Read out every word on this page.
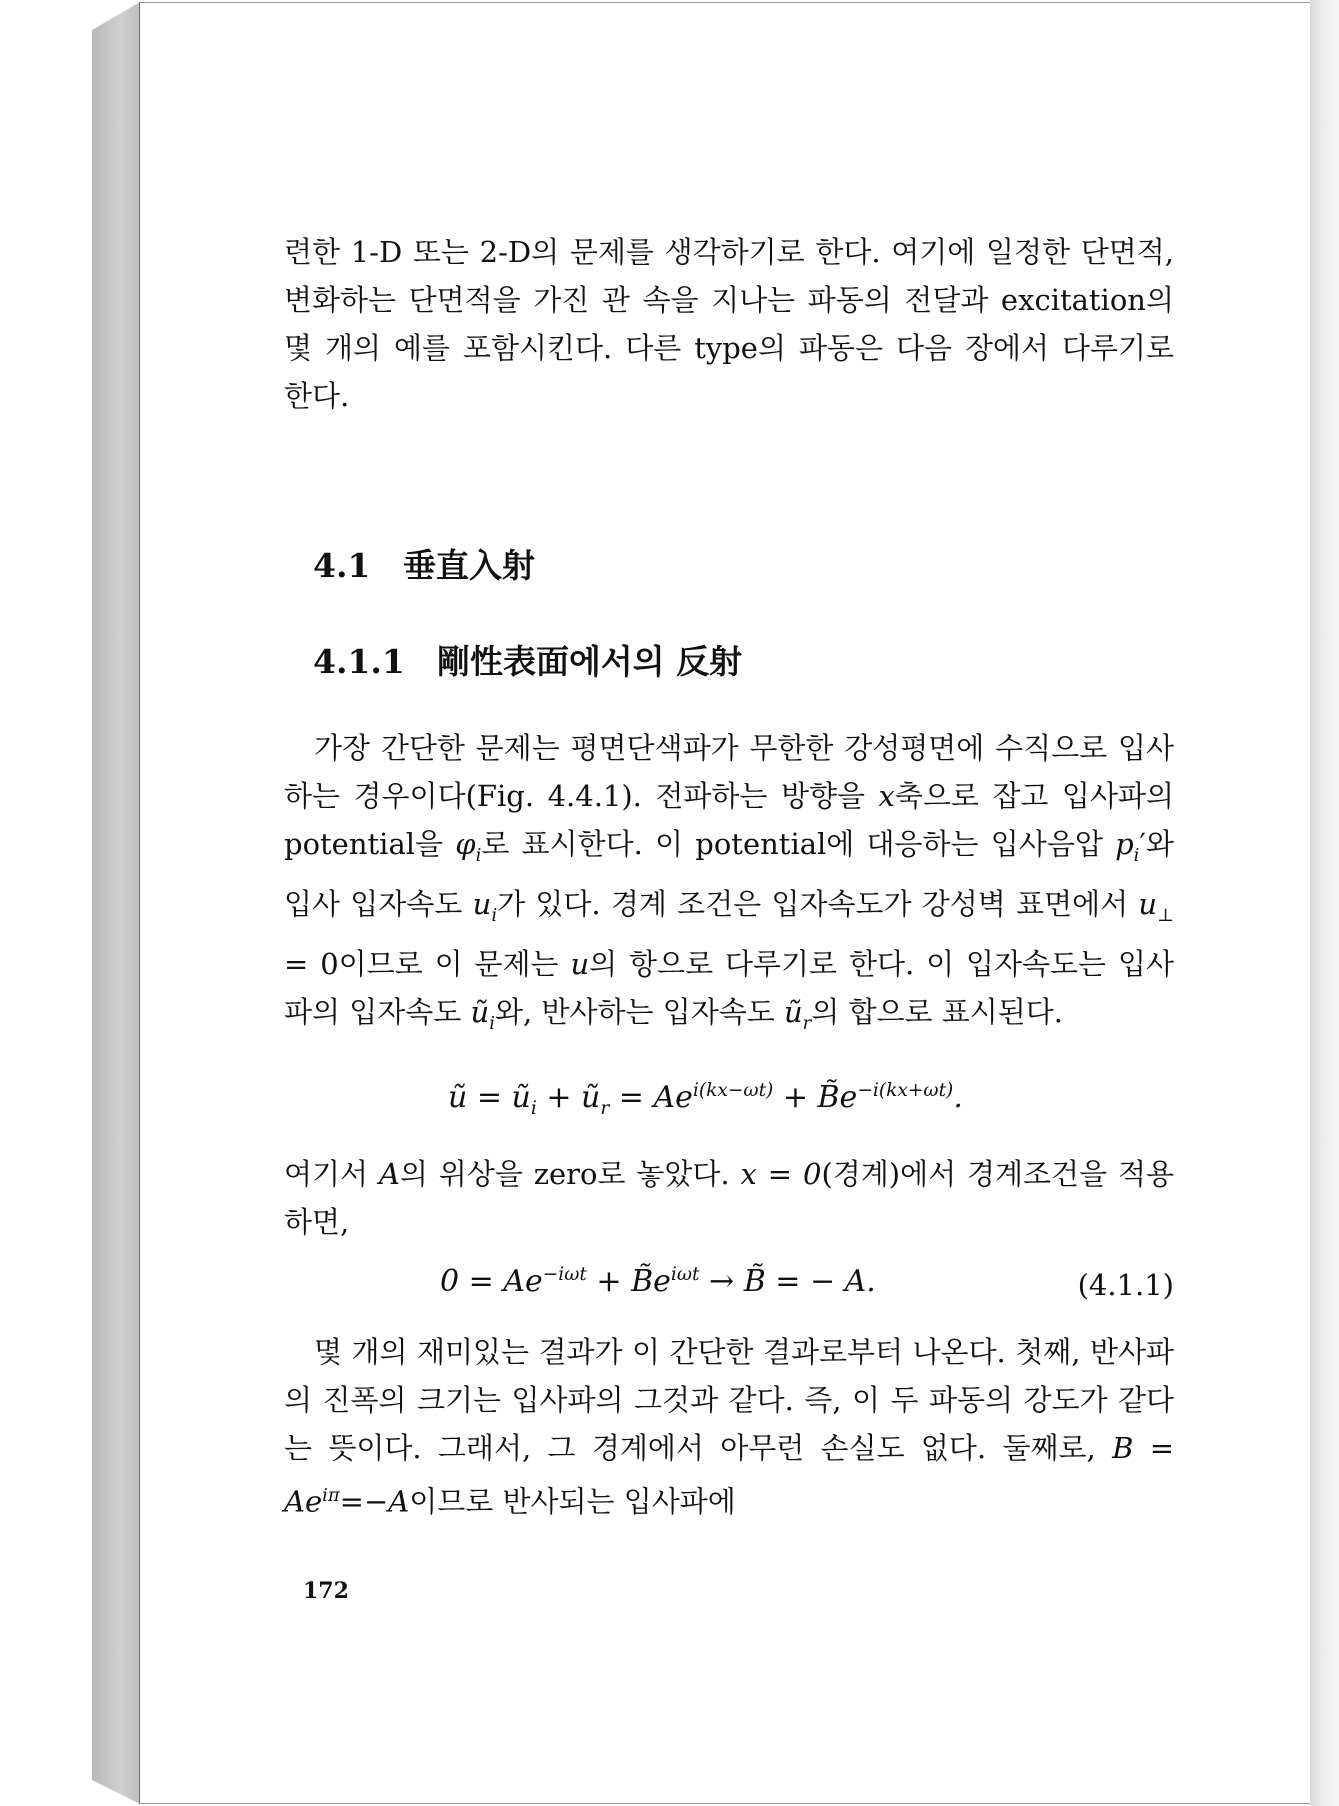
련한 1-D 또는 2-D의 문제를 생각하기로 한다. 여기에 일정한 단면적, 변화하는 단면적을 가진 관 속을 지나는 파동의 전달과 excitation의 몇 개의 예를 포함시킨다. 다른 type의 파동은 다음 장에서 다루기로 한다.

4.1 垂直入射
4.1.1 剛性表面에서의 反射

가장 간단한 문제는 평면단색파가 무한한 강성평면에 수직으로 입사하는 경우이다(Fig. 4.4.1). 전파하는 방향을 x축으로 잡고 입사파의 potential을 $\varphi_i$로 표시한다. 이 potential에 대응하는 입사음압 $p_i'$와 입사 입자속도 $u_i$가 있다. 경계 조건은 입자속도가 강성벽 표면에서 $u_\perp = 0$이므로 이 문제는 u의 항으로 다루기로 한다. 이 입자속도는 입사파의 입자속도 $ũ_i$와, 반사하는 입자속도 $ũ_r$의 합으로 표시된다.

ũ = $ũ_i$ + $ũ_r = Ae^{i(kx-\omega t)}$ + $B̃e^{-i(kx+\omega t)}$.

여기서 A의 위상을 zero로 놓았다. x = 0(경계)에서 경계조건을 적용하면,

$0 = Ae^{-i\omega t}$ + $B̃e^{i\omega t}$ → B̃ = − A.	(4.1.1)

몇 개의 재미있는 결과가 이 간단한 결과로부터 나온다. 첫째, 반사파의 진폭의 크기는 입사파의 그것과 같다. 즉, 이 두 파동의 강도가 같다는 뜻이다. 그래서, 그 경계에서 아무런 손실도 없다. 둘째로, $B = Ae^{i\pi}=-A$이므로 반사되는 입사파에

172
